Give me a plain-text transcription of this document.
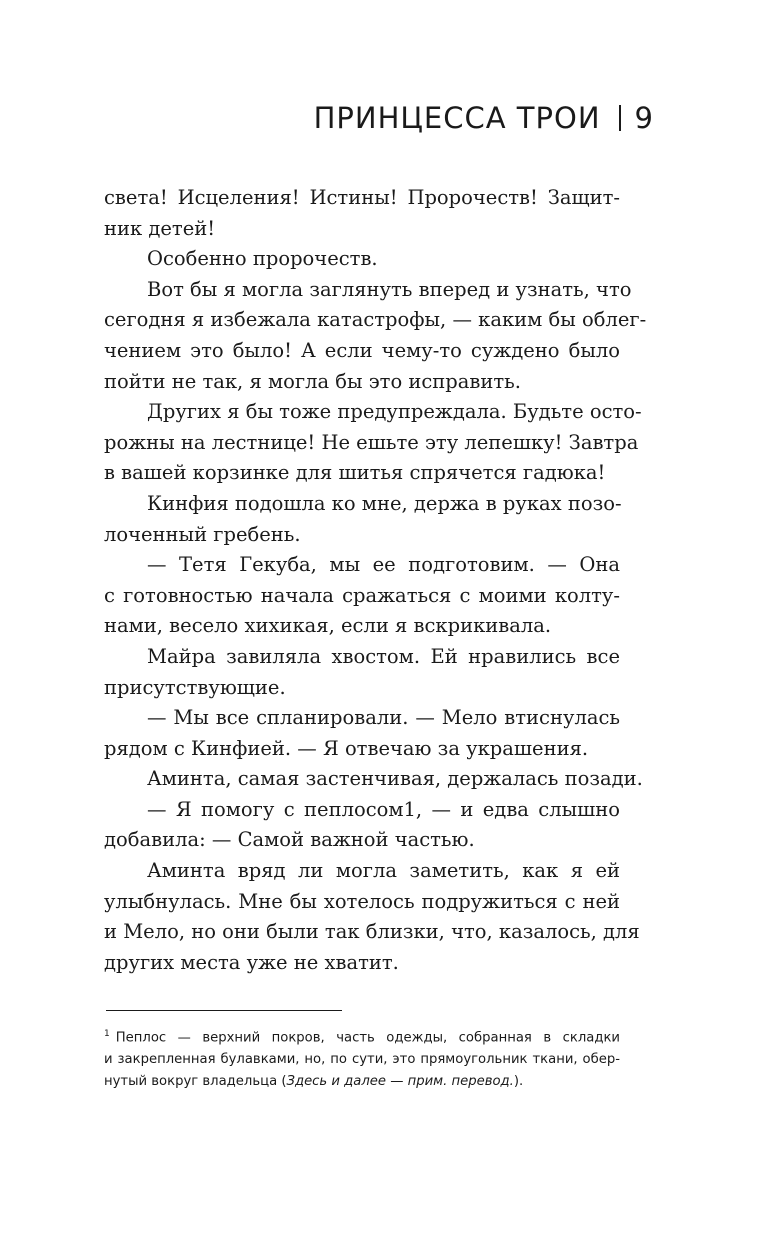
ПРИНЦЕССА ТРОИ 9
света! Исцеления! Истины! Пророчеств! Защит-
ник детей!
Особенно пророчеств.
Вот бы я могла заглянуть вперед и узнать, что
сегодня я избежала катастрофы, — каким бы облег-
чением это было! А если чему-то суждено было
пойти не так, я могла бы это исправить.
Других я бы тоже предупреждала. Будьте осто-
рожны на лестнице! Не ешьте эту лепешку! Завтра
в вашей корзинке для шитья спрячется гадюка!
Кинфия подошла ко мне, держа в руках позо-
лоченный гребень.
— Тетя Гекуба, мы ее подготовим. — Она
с готовностью начала сражаться с моими колту-
нами, весело хихикая, если я вскрикивала.
Майра завиляла хвостом. Ей нравились все
присутствующие.
— Мы все спланировали. — Мело втиснулась
рядом с Кинфией. — Я отвечаю за украшения.
Аминта, самая застенчивая, держалась позади.
— Я помогу с пеплосом1, — и едва слышно
добавила: — Самой важной частью.
Аминта вряд ли могла заметить, как я ей
улыбнулась. Мне бы хотелось подружиться с ней
и Мело, но они были так близки, что, казалось, для
других места уже не хватит.
$^1$ Пеплос — верхний покров, часть одежды, собранная в складки
и закрепленная булавками, но, по сути, это прямоугольник ткани, обер-
нутый вокруг владельца (Здесь и далее — прим. перевод.).
